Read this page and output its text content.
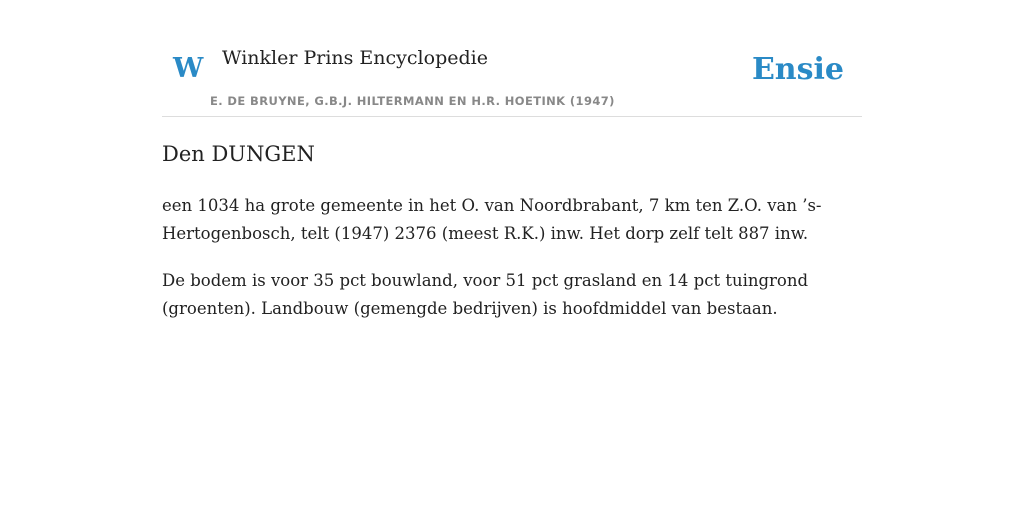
W Winkler Prins Encyclopedie
E. DE BRUYNE, G.B.J. HILTERMANN EN H.R. HOETINK (1947)
Ensie
Den DUNGEN

een 1034 ha grote gemeente in het O. van Noordbrabant, 7 km ten Z.O. van ’s-Hertogenbosch, telt (1947) 2376 (meest R.K.) inw. Het dorp zelf telt 887 inw.

De bodem is voor 35 pct bouwland, voor 51 pct grasland en 14 pct tuingrond (groenten). Landbouw (gemengde bedrijven) is hoofdmiddel van bestaan.
